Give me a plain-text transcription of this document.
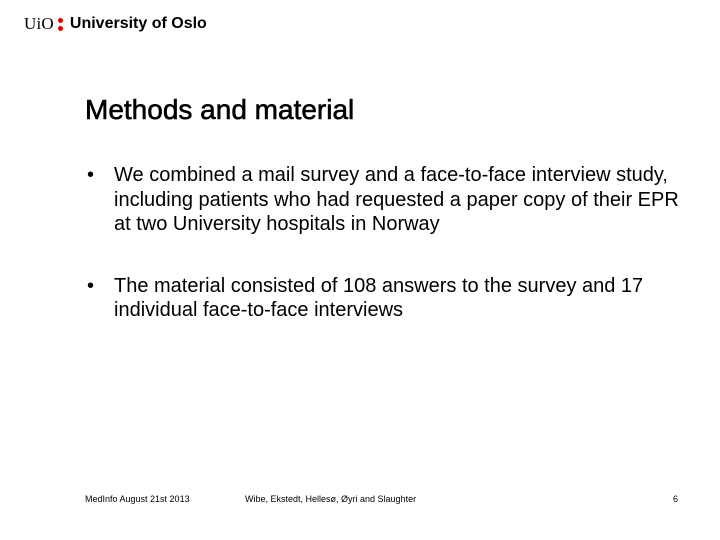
UiO University of Oslo
Methods and material
• We combined a mail survey and a face-to-face interview study, including patients who had requested a paper copy of their EPR at two University hospitals in Norway
• The material consisted of 108 answers to the survey and 17 individual face-to-face interviews
MedInfo August 21st 2013	Wibe, Ekstedt, Hellesø, Øyri and Slaughter	6
